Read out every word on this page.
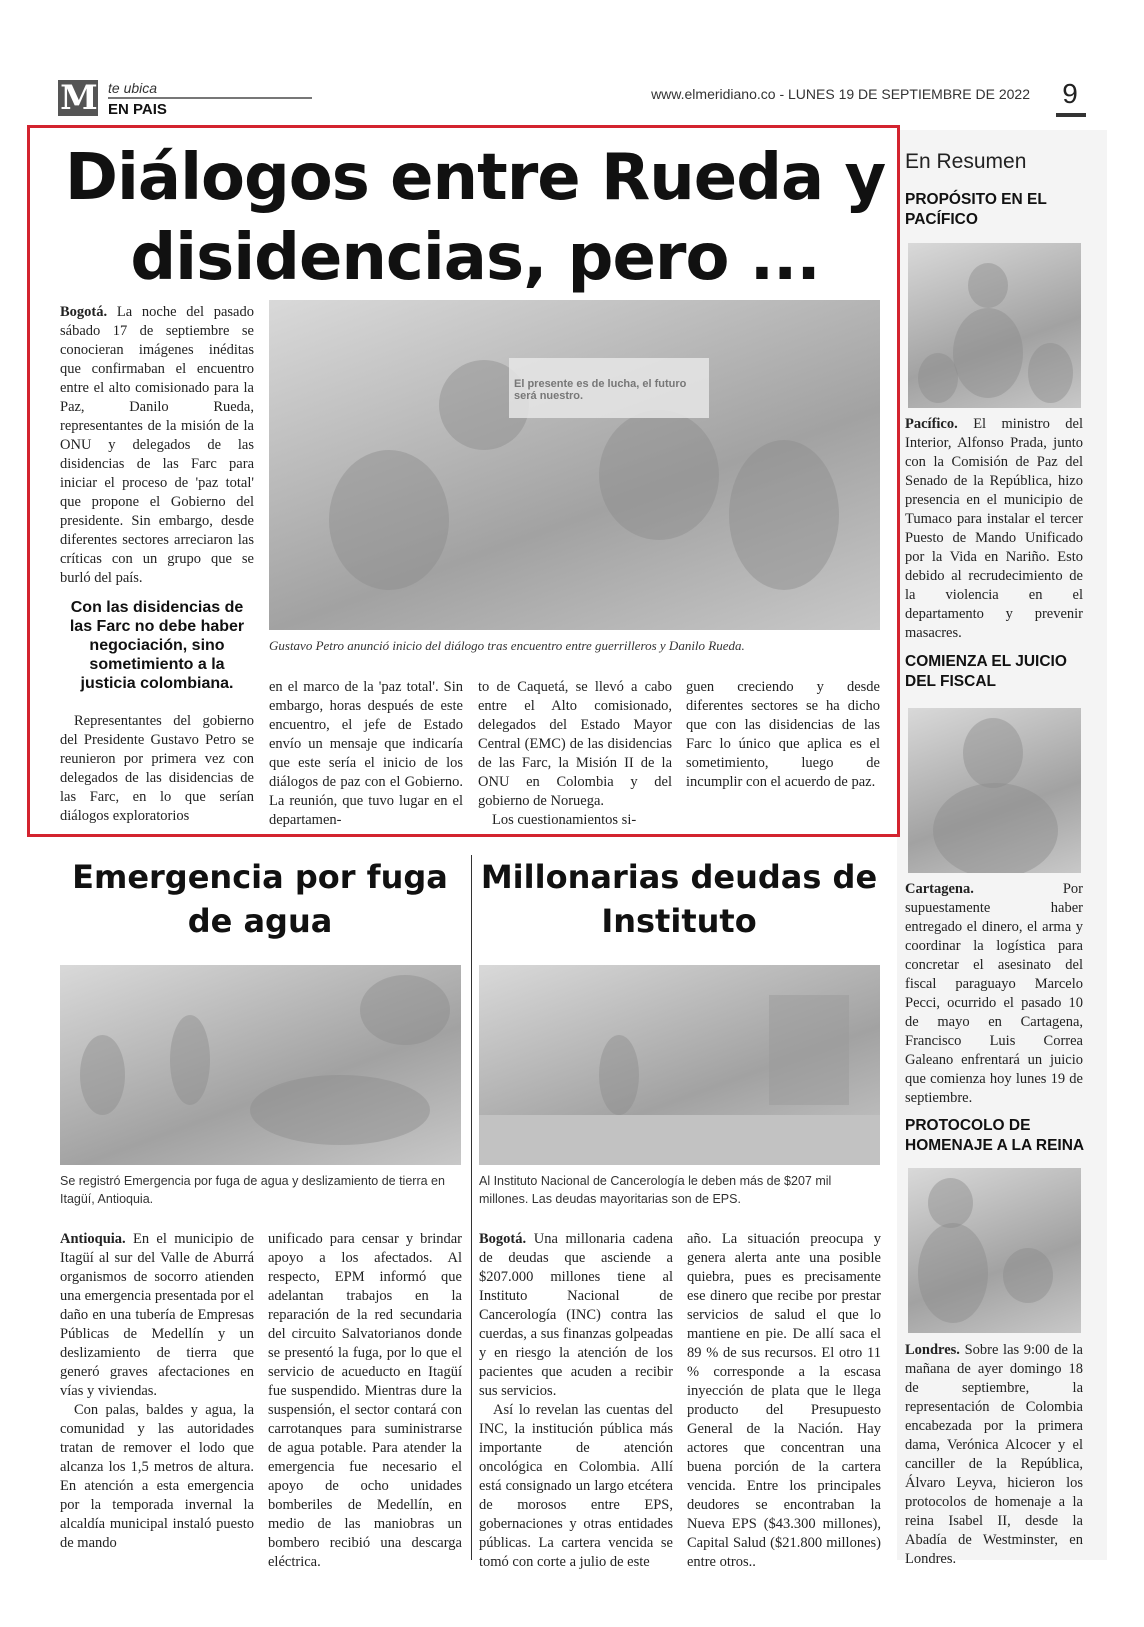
M te ubica
EN PAIS
www.elmeridiano.co - LUNES 19 DE SEPTIEMBRE DE 2022	9
Diálogos entre Rueda y disidencias, pero ...
Bogotá. La noche del pasado sábado 17 de septiembre se conocieran imágenes inéditas que confirmaban el encuentro entre el alto comisionado para la Paz, Danilo Rueda, representantes de la misión de la ONU y delegados de las disidencias de las Farc para iniciar el proceso de 'paz total' que propone el Gobierno del presidente. Sin embargo, desde diferentes sectores arreciaron las críticas con un grupo que se burló del país.
Con las disidencias de las Farc no debe haber negociación, sino sometimiento a la justicia colombiana.
Representantes del gobierno del Presidente Gustavo Petro se reunieron por primera vez con delegados de las disidencias de las Farc, en lo que serían diálogos exploratorios
El presente es de lucha, el futuro será nuestro.
Gustavo Petro anunció inicio del diálogo tras encuentro entre guerrilleros y Danilo Rueda.
en el marco de la 'paz total'. Sin embargo, horas después de este encuentro, el jefe de Estado envío un mensaje que indicaría que este sería el inicio de los diálogos de paz con el Gobierno. La reunión, que tuvo lugar en el departamen-
to de Caquetá, se llevó a cabo entre el Alto comisionado, delegados del Estado Mayor Central (EMC) de las disidencias de las Farc, la Misión II de la ONU en Colombia y del gobierno de Noruega.
Los cuestionamientos si-
guen creciendo y desde diferentes sectores se ha dicho que con las disidencias de las Farc lo único que aplica es el sometimiento, luego de incumplir con el acuerdo de paz.
En Resumen
PROPÓSITO EN EL PACÍFICO
Pacífico. El ministro del Interior, Alfonso Prada, junto con la Comisión de Paz del Senado de la República, hizo presencia en el municipio de Tumaco para instalar el tercer Puesto de Mando Unificado por la Vida en Nariño. Esto debido al recrudecimiento de la violencia en el departamento y prevenir masacres.
COMIENZA EL JUICIO DEL FISCAL
Cartagena. Por supuestamente haber entregado el dinero, el arma y coordinar la logística para concretar el asesinato del fiscal paraguayo Marcelo Pecci, ocurrido el pasado 10 de mayo en Cartagena, Francisco Luis Correa Galeano enfrentará un juicio que comienza hoy lunes 19 de septiembre.
PROTOCOLO DE HOMENAJE A LA REINA
Londres. Sobre las 9:00 de la mañana de ayer domingo 18 de septiembre, la representación de Colombia encabezada por la primera dama, Verónica Alcocer y el canciller de la República, Álvaro Leyva, hicieron los protocolos de homenaje a la reina Isabel II, desde la Abadía de Westminster, en Londres.
Emergencia por fuga de agua
Se registró Emergencia por fuga de agua y deslizamiento de tierra en Itagüí, Antioquia.
Antioquia. En el municipio de Itagüí al sur del Valle de Aburrá organismos de socorro atienden una emergencia presentada por el daño en una tubería de Empresas Públicas de Medellín y un deslizamiento de tierra que generó graves afectaciones en vías y viviendas.
Con palas, baldes y agua, la comunidad y las autoridades tratan de remover el lodo que alcanza los 1,5 metros de altura. En atención a esta emergencia por la temporada invernal la alcaldía municipal instaló puesto de mando
unificado para censar y brindar apoyo a los afectados. Al respecto, EPM informó que adelantan trabajos en la reparación de la red secundaria del circuito Salvatorianos donde se presentó la fuga, por lo que el servicio de acueducto en Itagüí fue suspendido. Mientras dure la suspensión, el sector contará con carrotanques para suministrarse de agua potable. Para atender la emergencia fue necesario el apoyo de ocho unidades bomberiles de Medellín, en medio de las maniobras un bombero recibió una descarga eléctrica.
Millonarias deudas de Instituto
Al Instituto Nacional de Cancerología le deben más de $207 mil millones. Las deudas mayoritarias son de EPS.
Bogotá. Una millonaria cadena de deudas que asciende a $207.000 millones tiene al Instituto Nacional de Cancerología (INC) contra las cuerdas, a sus finanzas golpeadas y en riesgo la atención de los pacientes que acuden a recibir sus servicios.
Así lo revelan las cuentas del INC, la institución pública más importante de atención oncológica en Colombia. Allí está consignado un largo etcétera de morosos entre EPS, gobernaciones y otras entidades públicas. La cartera vencida se tomó con corte a julio de este
año. La situación preocupa y genera alerta ante una posible quiebra, pues es precisamente ese dinero que recibe por prestar servicios de salud el que lo mantiene en pie. De allí saca el 89 % de sus recursos. El otro 11 % corresponde a la escasa inyección de plata que le llega producto del Presupuesto General de la Nación. Hay actores que concentran una buena porción de la cartera vencida. Entre los principales deudores se encontraban la Nueva EPS ($43.300 millones), Capital Salud ($21.800 millones) entre otros..
